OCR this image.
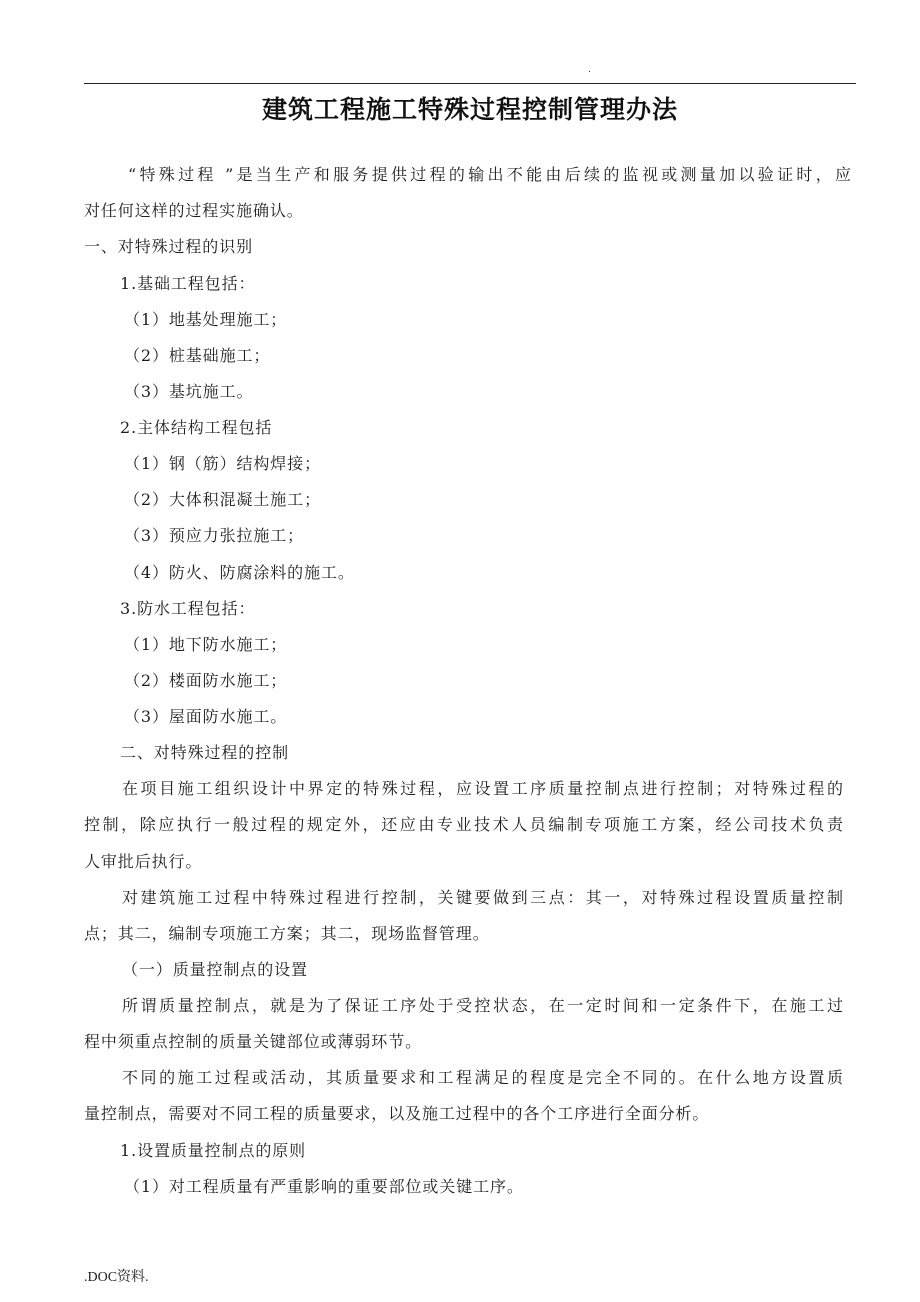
.
建筑工程施工特殊过程控制管理办法
“特殊过程 ”是当生产和服务提供过程的输出不能由后续的监视或测量加以验证时，应
对任何这样的过程实施确认。
一、对特殊过程的识别
1.基础工程包括：
（1）地基处理施工；
（2）桩基础施工；
（3）基坑施工。
2.主体结构工程包括
（1）钢（筋）结构焊接；
（2）大体积混凝土施工；
（3）预应力张拉施工；
（4）防火、防腐涂料的施工。
3.防水工程包括：
（1）地下防水施工；
（2）楼面防水施工；
（3）屋面防水施工。
二、对特殊过程的控制
在项目施工组织设计中界定的特殊过程，应设置工序质量控制点进行控制；对特殊过程的
控制，除应执行一般过程的规定外，还应由专业技术人员编制专项施工方案，经公司技术负责
人审批后执行。
对建筑施工过程中特殊过程进行控制，关键要做到三点：其一，对特殊过程设置质量控制
点；其二，编制专项施工方案；其二，现场监督管理。
（一）质量控制点的设置
所谓质量控制点，就是为了保证工序处于受控状态，在一定时间和一定条件下，在施工过
程中须重点控制的质量关键部位或薄弱环节。
不同的施工过程或活动，其质量要求和工程满足的程度是完全不同的。在什么地方设置质
量控制点，需要对不同工程的质量要求，以及施工过程中的各个工序进行全面分析。
1.设置质量控制点的原则
（1）对工程质量有严重影响的重要部位或关键工序。
.DOC资料.
